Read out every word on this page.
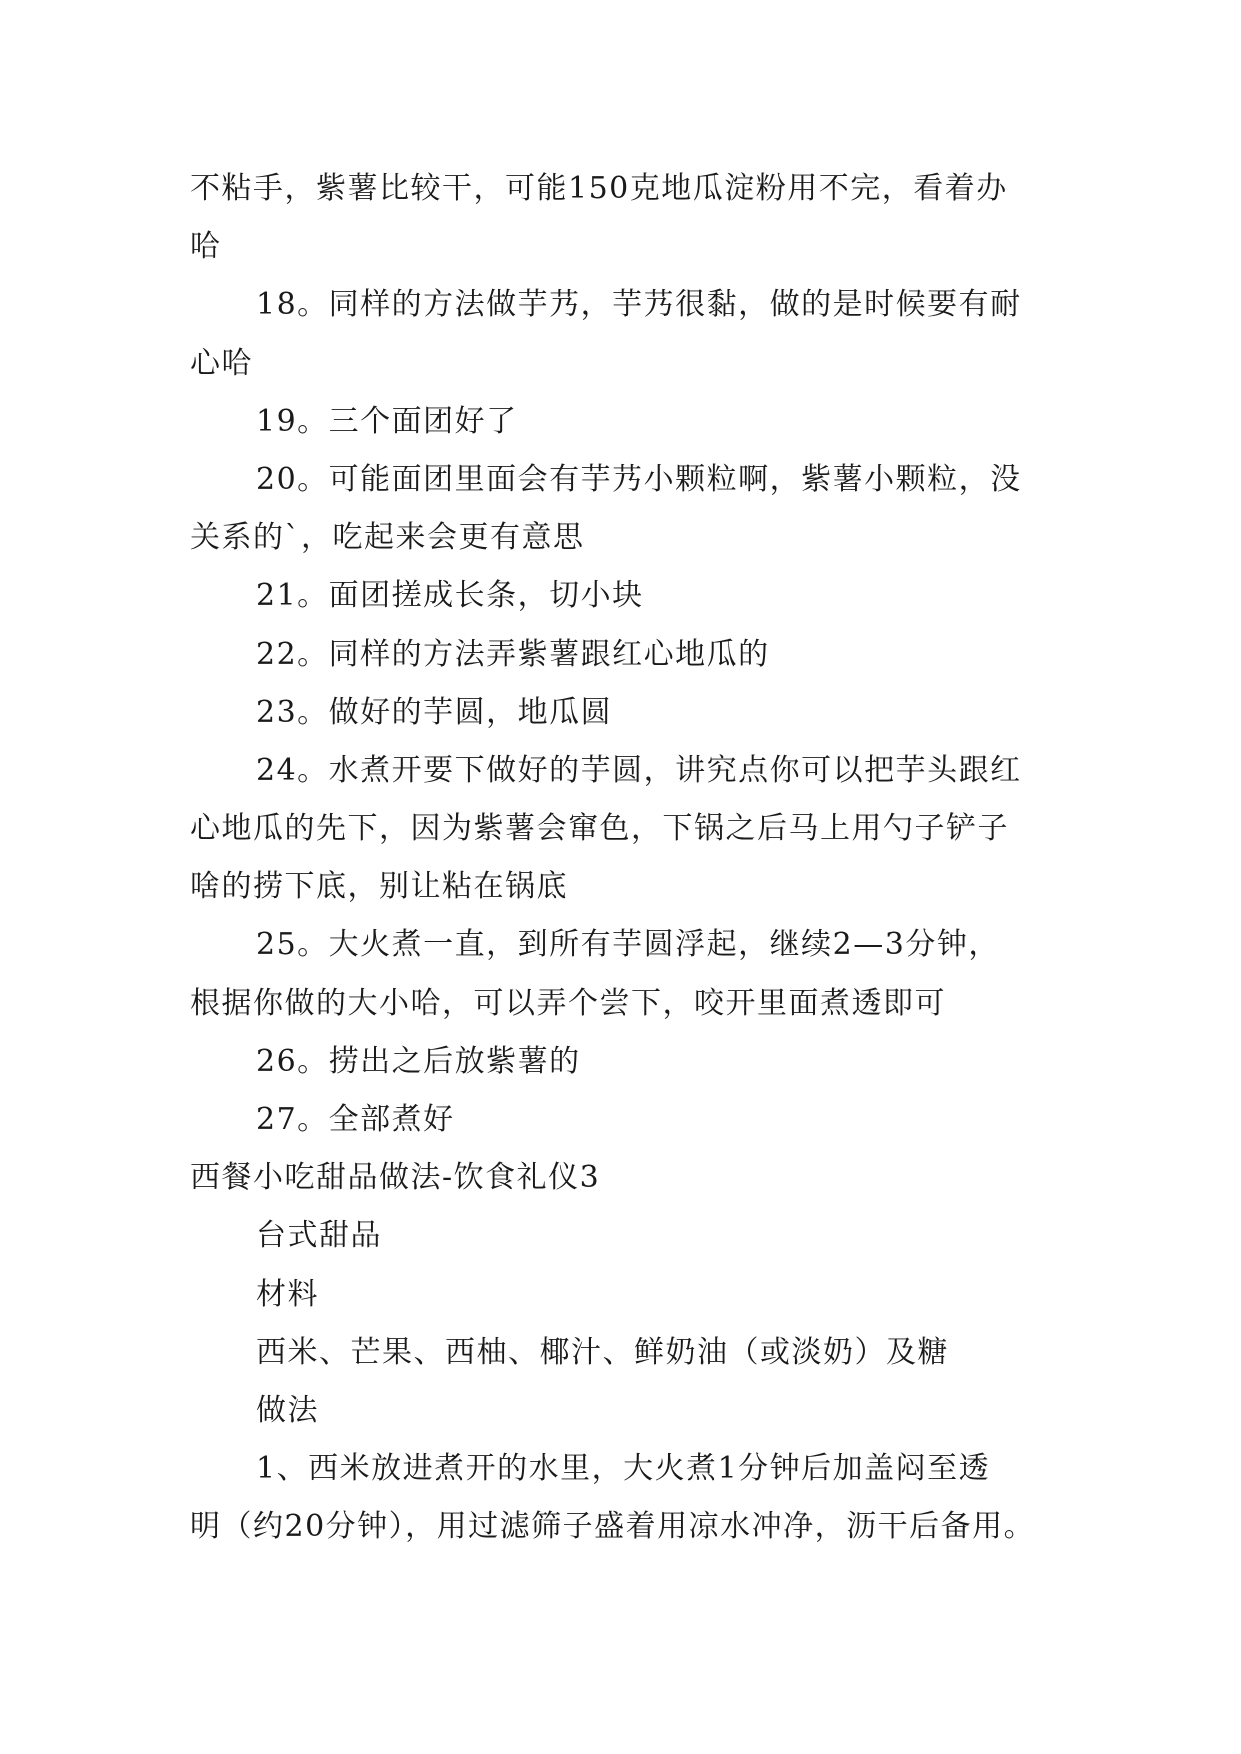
不粘手，紫薯比较干，可能150克地瓜淀粉用不完，看着办
哈
18。同样的方法做芋艿，芋艿很黏，做的是时候要有耐
心哈
19。三个面团好了
20。可能面团里面会有芋艿小颗粒啊，紫薯小颗粒，没
关系的`，吃起来会更有意思
21。面团搓成长条，切小块
22。同样的方法弄紫薯跟红心地瓜的
23。做好的芋圆，地瓜圆
24。水煮开要下做好的芋圆，讲究点你可以把芋头跟红
心地瓜的先下，因为紫薯会窜色，下锅之后马上用勺子铲子
啥的捞下底，别让粘在锅底
25。大火煮一直，到所有芋圆浮起，继续2—3分钟，
根据你做的大小哈，可以弄个尝下，咬开里面煮透即可
26。捞出之后放紫薯的
27。全部煮好
西餐小吃甜品做法-饮食礼仪3
台式甜品
材料
西米、芒果、西柚、椰汁、鲜奶油（或淡奶）及糖
做法
1、西米放进煮开的水里，大火煮1分钟后加盖闷至透
明（约20分钟），用过滤筛子盛着用凉水冲净，沥干后备用。
